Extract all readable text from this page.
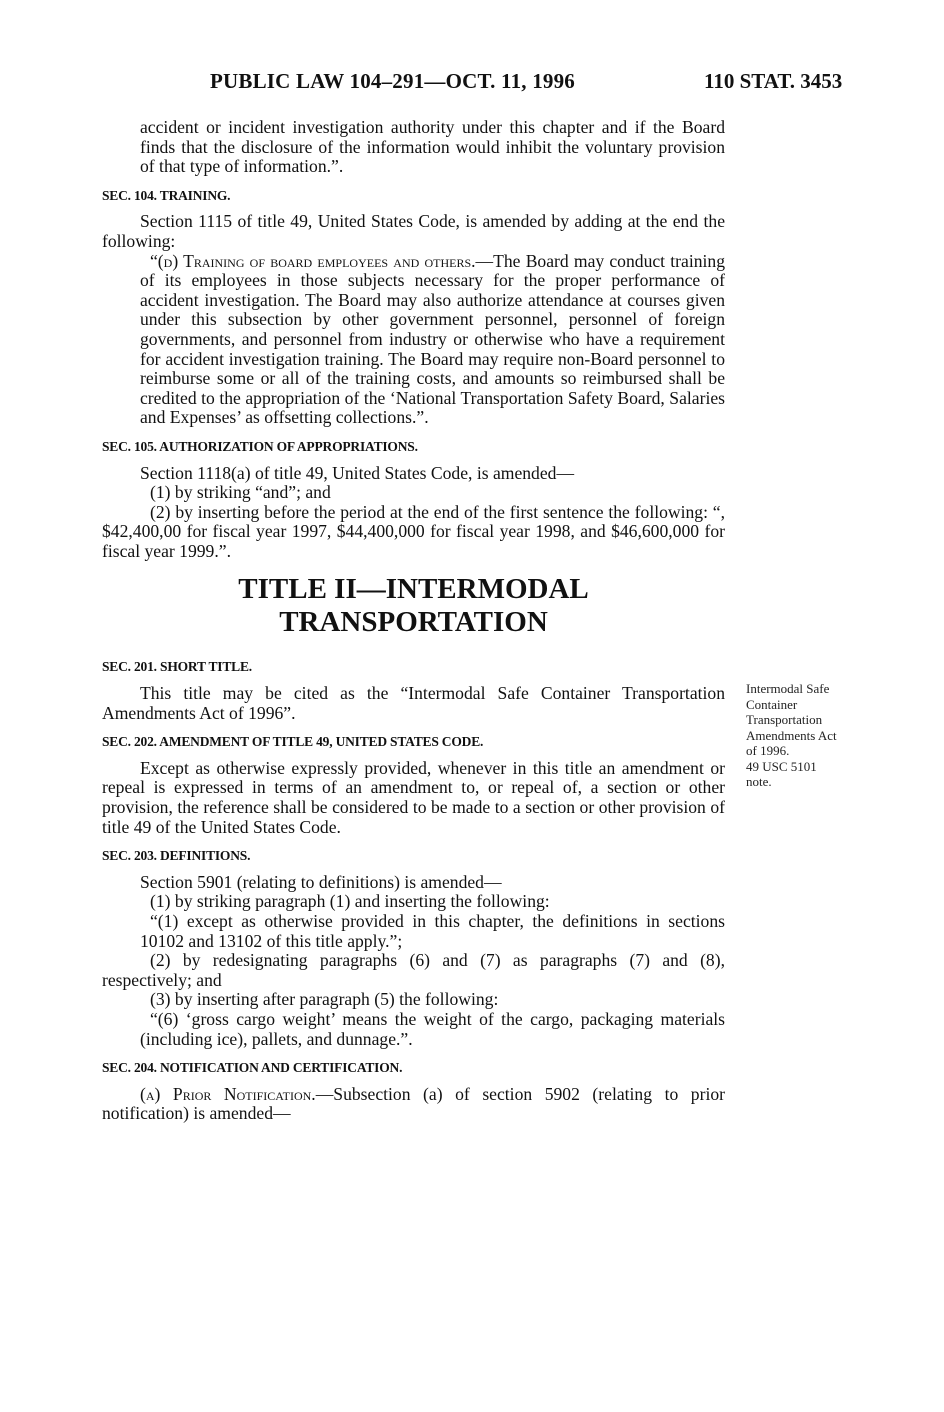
PUBLIC LAW 104–291—OCT. 11, 1996	110 STAT. 3453

accident or incident investigation authority under this chapter and if the Board finds that the disclosure of the information would inhibit the voluntary provision of that type of information.”.

SEC. 104. TRAINING.

Section 1115 of title 49, United States Code, is amended by adding at the end the following:

“(d) Training of board employees and others.—The Board may conduct training of its employees in those subjects necessary for the proper performance of accident investigation. The Board may also authorize attendance at courses given under this subsection by other government personnel, personnel of foreign governments, and personnel from industry or otherwise who have a requirement for accident investigation training. The Board may require non-Board personnel to reimburse some or all of the training costs, and amounts so reimbursed shall be credited to the appropriation of the ‘National Transportation Safety Board, Salaries and Expenses’ as offsetting collections.”.

SEC. 105. AUTHORIZATION OF APPROPRIATIONS.

Section 1118(a) of title 49, United States Code, is amended—

(1) by striking “and”; and

(2) by inserting before the period at the end of the first sentence the following: “, $42,400,00 for fiscal year 1997, $44,400,000 for fiscal year 1998, and $46,600,000 for fiscal year 1999.”.

TITLE II—INTERMODAL
TRANSPORTATION

SEC. 201. SHORT TITLE.

This title may be cited as the “Intermodal Safe Container Transportation Amendments Act of 1996”.

SEC. 202. AMENDMENT OF TITLE 49, UNITED STATES CODE.

Except as otherwise expressly provided, whenever in this title an amendment or repeal is expressed in terms of an amendment to, or repeal of, a section or other provision, the reference shall be considered to be made to a section or other provision of title 49 of the United States Code.

SEC. 203. DEFINITIONS.

Section 5901 (relating to definitions) is amended—

(1) by striking paragraph (1) and inserting the following:

“(1) except as otherwise provided in this chapter, the definitions in sections 10102 and 13102 of this title apply.”;

(2) by redesignating paragraphs (6) and (7) as paragraphs (7) and (8), respectively; and

(3) by inserting after paragraph (5) the following:

“(6) ‘gross cargo weight’ means the weight of the cargo, packaging materials (including ice), pallets, and dunnage.”.

SEC. 204. NOTIFICATION AND CERTIFICATION.

(a) Prior Notification.—Subsection (a) of section 5902 (relating to prior notification) is amended—

Intermodal Safe
Container
Transportation
Amendments Act
of 1996.
49 USC 5101
note.
